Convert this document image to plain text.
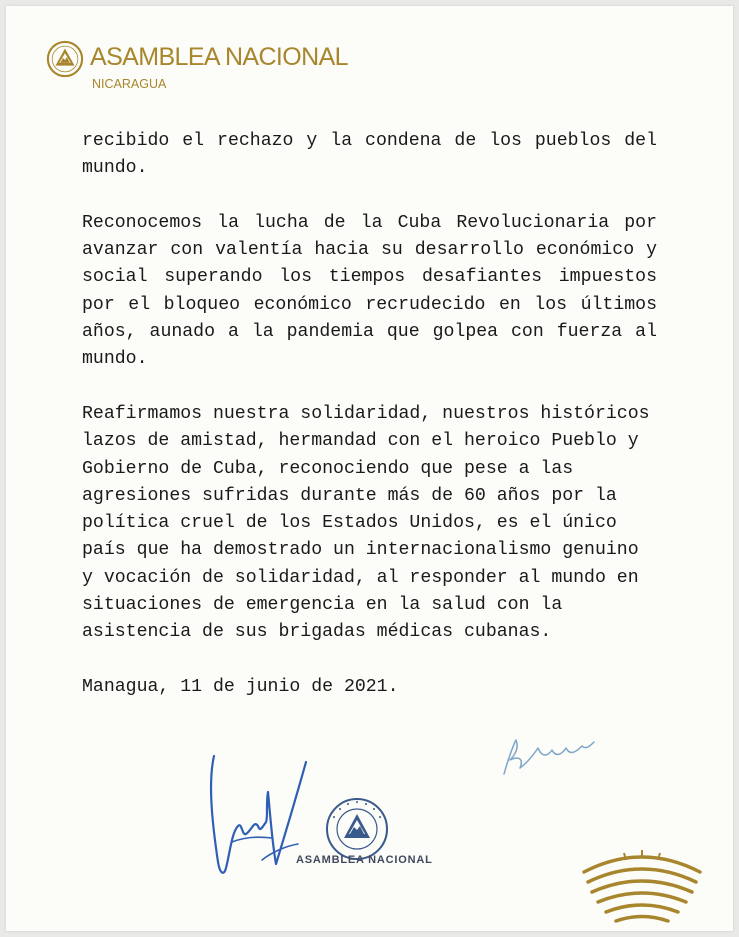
ASAMBLEA NACIONAL
NICARAGUA

recibido el rechazo y la condena de los pueblos del mundo.

Reconocemos la lucha de la Cuba Revolucionaria por avanzar con valentía hacia su desarrollo económico y social superando los tiempos desafiantes impuestos por el bloqueo económico recrudecido en los últimos años, aunado a la pandemia que golpea con fuerza al mundo.

Reafirmamos nuestra solidaridad, nuestros históricos lazos de amistad, hermandad con el heroico Pueblo y Gobierno de Cuba, reconociendo que pese a las agresiones sufridas durante más de 60 años por la política cruel de los Estados Unidos, es el único país que ha demostrado un internacionalismo genuino y vocación de solidaridad, al responder al mundo en situaciones de emergencia en la salud con la asistencia de sus brigadas médicas cubanas.

Managua, 11 de junio de 2021.

ASAMBLEA NACIONAL
